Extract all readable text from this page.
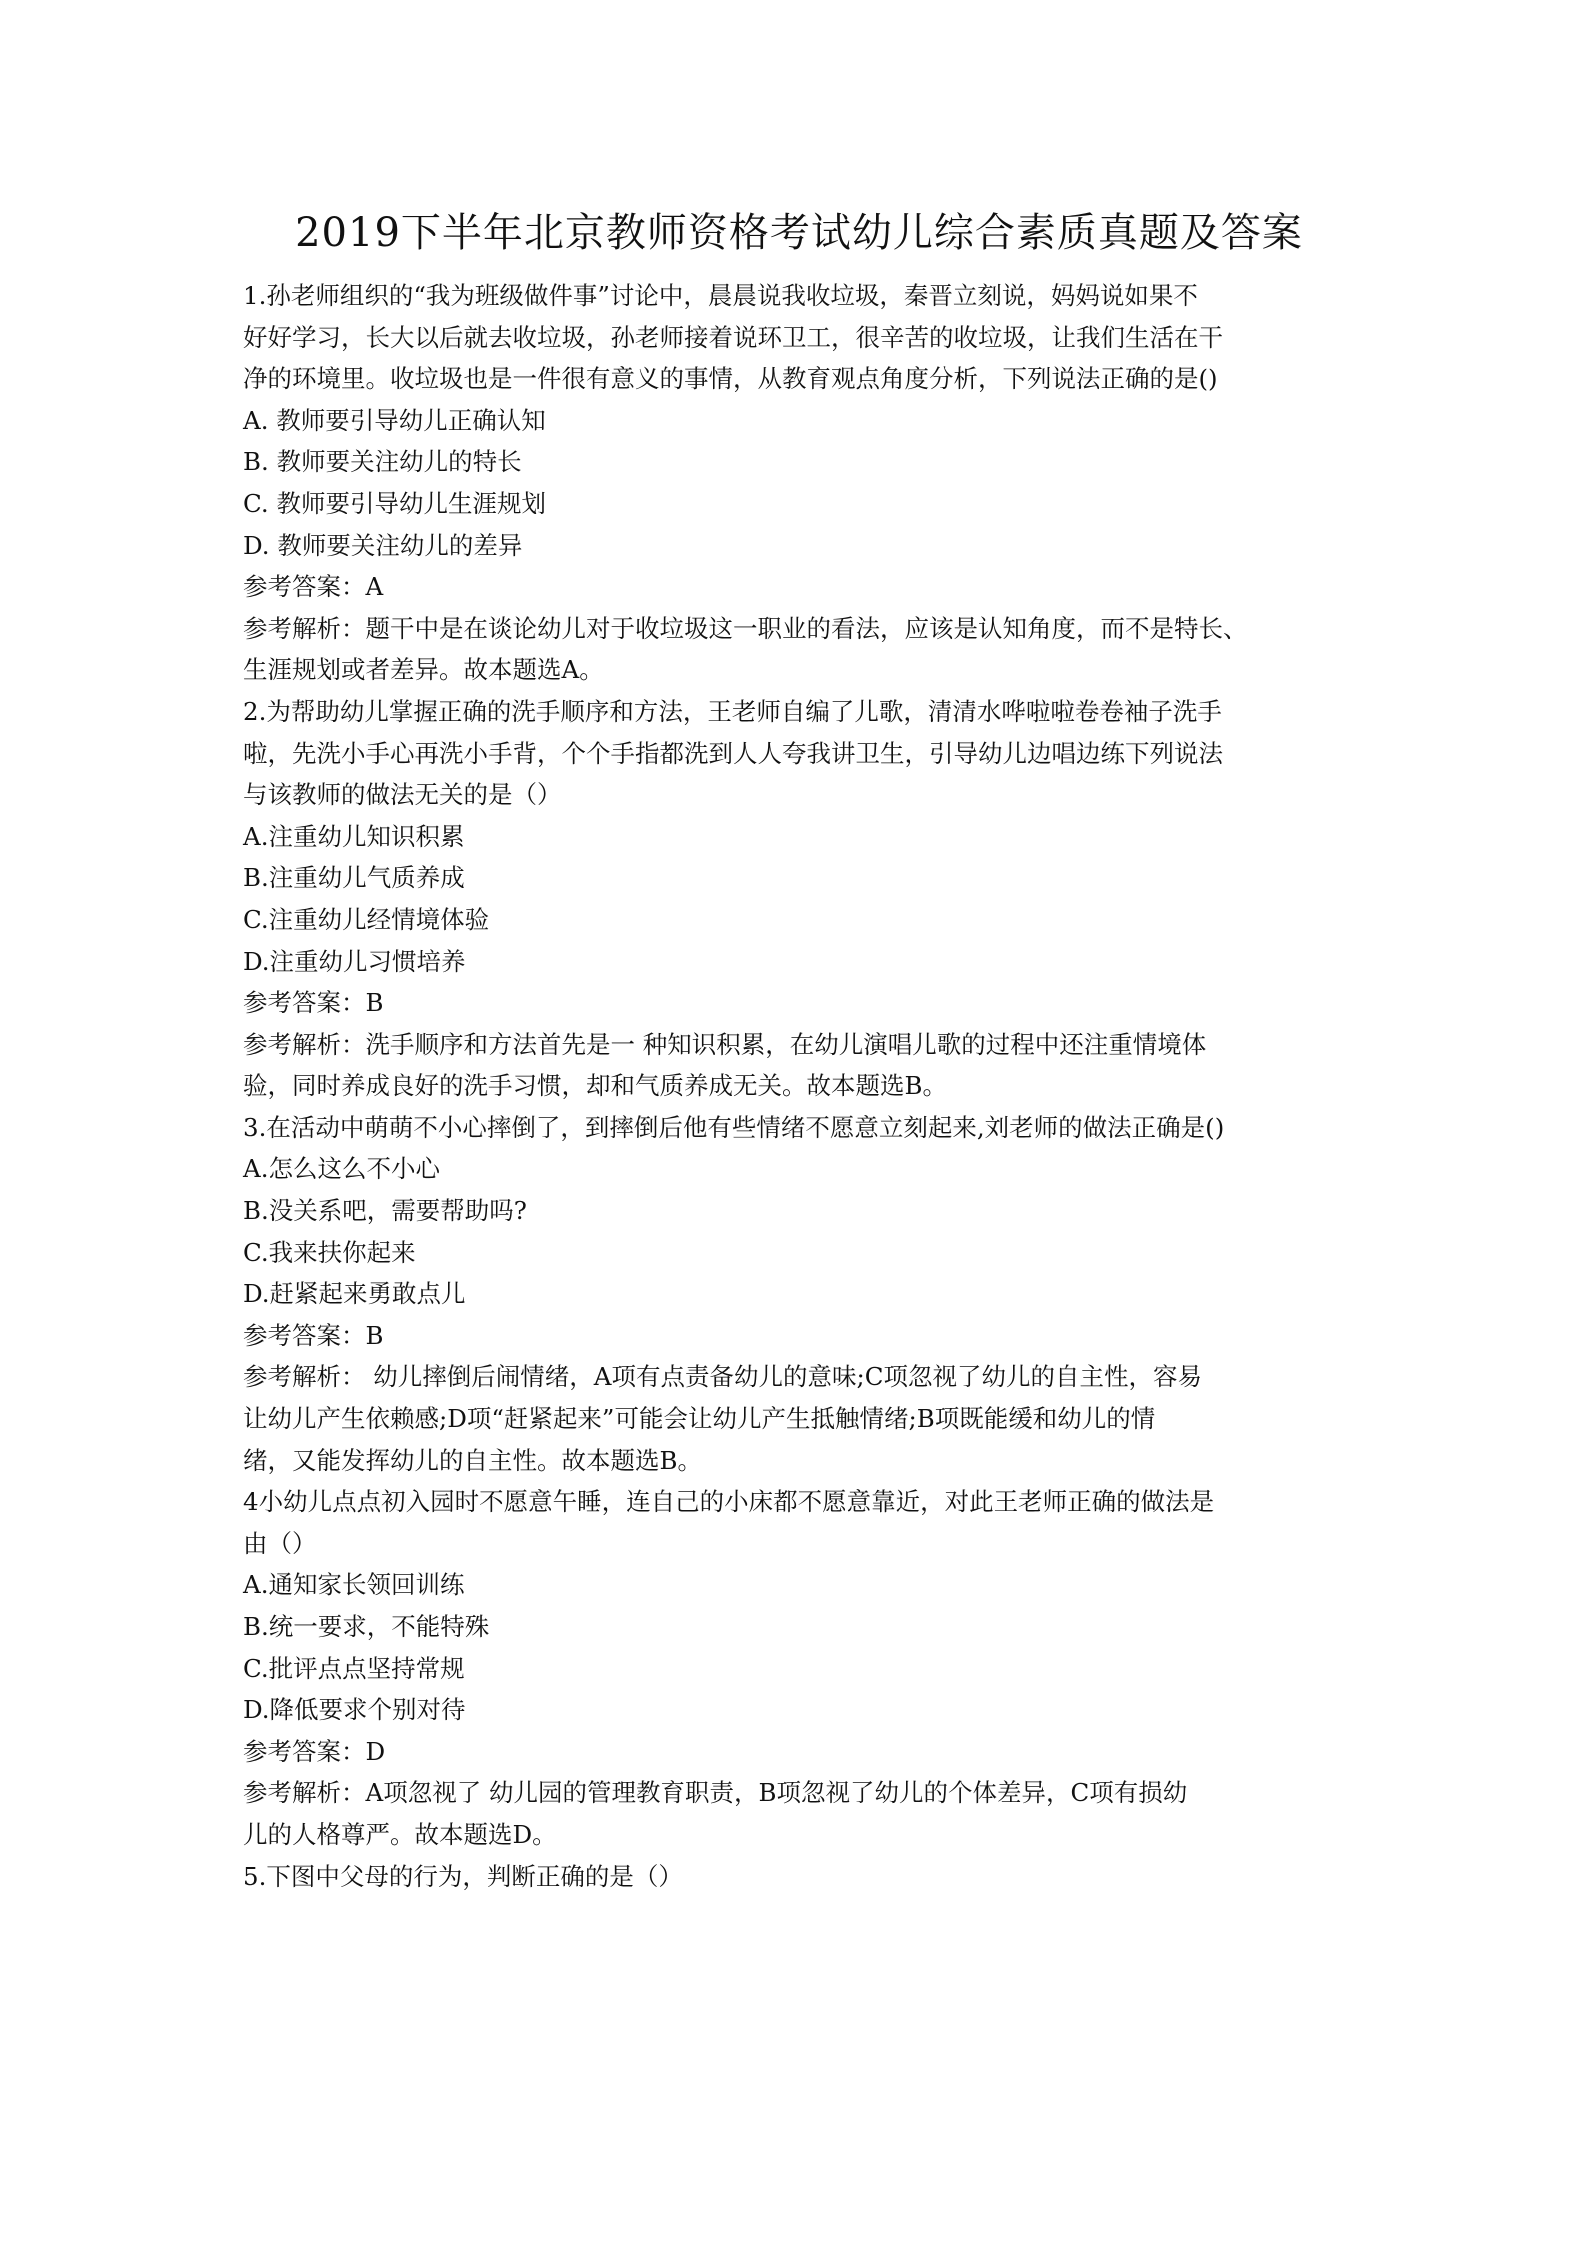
2019下半年北京教师资格考试幼儿综合素质真题及答案
1.孙老师组织的“我为班级做件事”讨论中，晨晨说我收垃圾，秦晋立刻说，妈妈说如果不
好好学习，长大以后就去收垃圾，孙老师接着说环卫工，很辛苦的收垃圾，让我们生活在干
净的环境里。收垃圾也是一件很有意义的事情，从教育观点角度分析，下列说法正确的是()
A. 教师要引导幼儿正确认知
B. 教师要关注幼儿的特长
C. 教师要引导幼儿生涯规划
D. 教师要关注幼儿的差异
参考答案：A
参考解析：题干中是在谈论幼儿对于收垃圾这一职业的看法，应该是认知角度，而不是特长、
生涯规划或者差异。故本题选A。
2.为帮助幼儿掌握正确的洗手顺序和方法，王老师自编了儿歌，清清水哗啦啦卷卷袖子洗手
啦，先洗小手心再洗小手背，个个手指都洗到人人夸我讲卫生，引导幼儿边唱边练下列说法
与该教师的做法无关的是（）
A.注重幼儿知识积累
B.注重幼儿气质养成
C.注重幼儿经情境体验
D.注重幼儿习惯培养
参考答案：B
参考解析：洗手顺序和方法首先是一 种知识积累，在幼儿演唱儿歌的过程中还注重情境体
验，同时养成良好的洗手习惯，却和气质养成无关。故本题选B。
3.在活动中萌萌不小心摔倒了，到摔倒后他有些情绪不愿意立刻起来,刘老师的做法正确是()
A.怎么这么不小心
B.没关系吧，需要帮助吗?
C.我来扶你起来
D.赶紧起来勇敢点儿
参考答案：B
参考解析： 幼儿摔倒后闹情绪，A项有点责备幼儿的意味;C项忽视了幼儿的自主性，容易
让幼儿产生依赖感;D项“赶紧起来”可能会让幼儿产生抵触情绪;B项既能缓和幼儿的情
绪，又能发挥幼儿的自主性。故本题选B。
4小幼儿点点初入园时不愿意午睡，连自己的小床都不愿意靠近，对此王老师正确的做法是
由（）
A.通知家长领回训练
B.统一要求，不能特殊
C.批评点点坚持常规
D.降低要求个别对待
参考答案：D
参考解析：A项忽视了 幼儿园的管理教育职责，B项忽视了幼儿的个体差异，C项有损幼
儿的人格尊严。故本题选D。
5.下图中父母的行为，判断正确的是（）
